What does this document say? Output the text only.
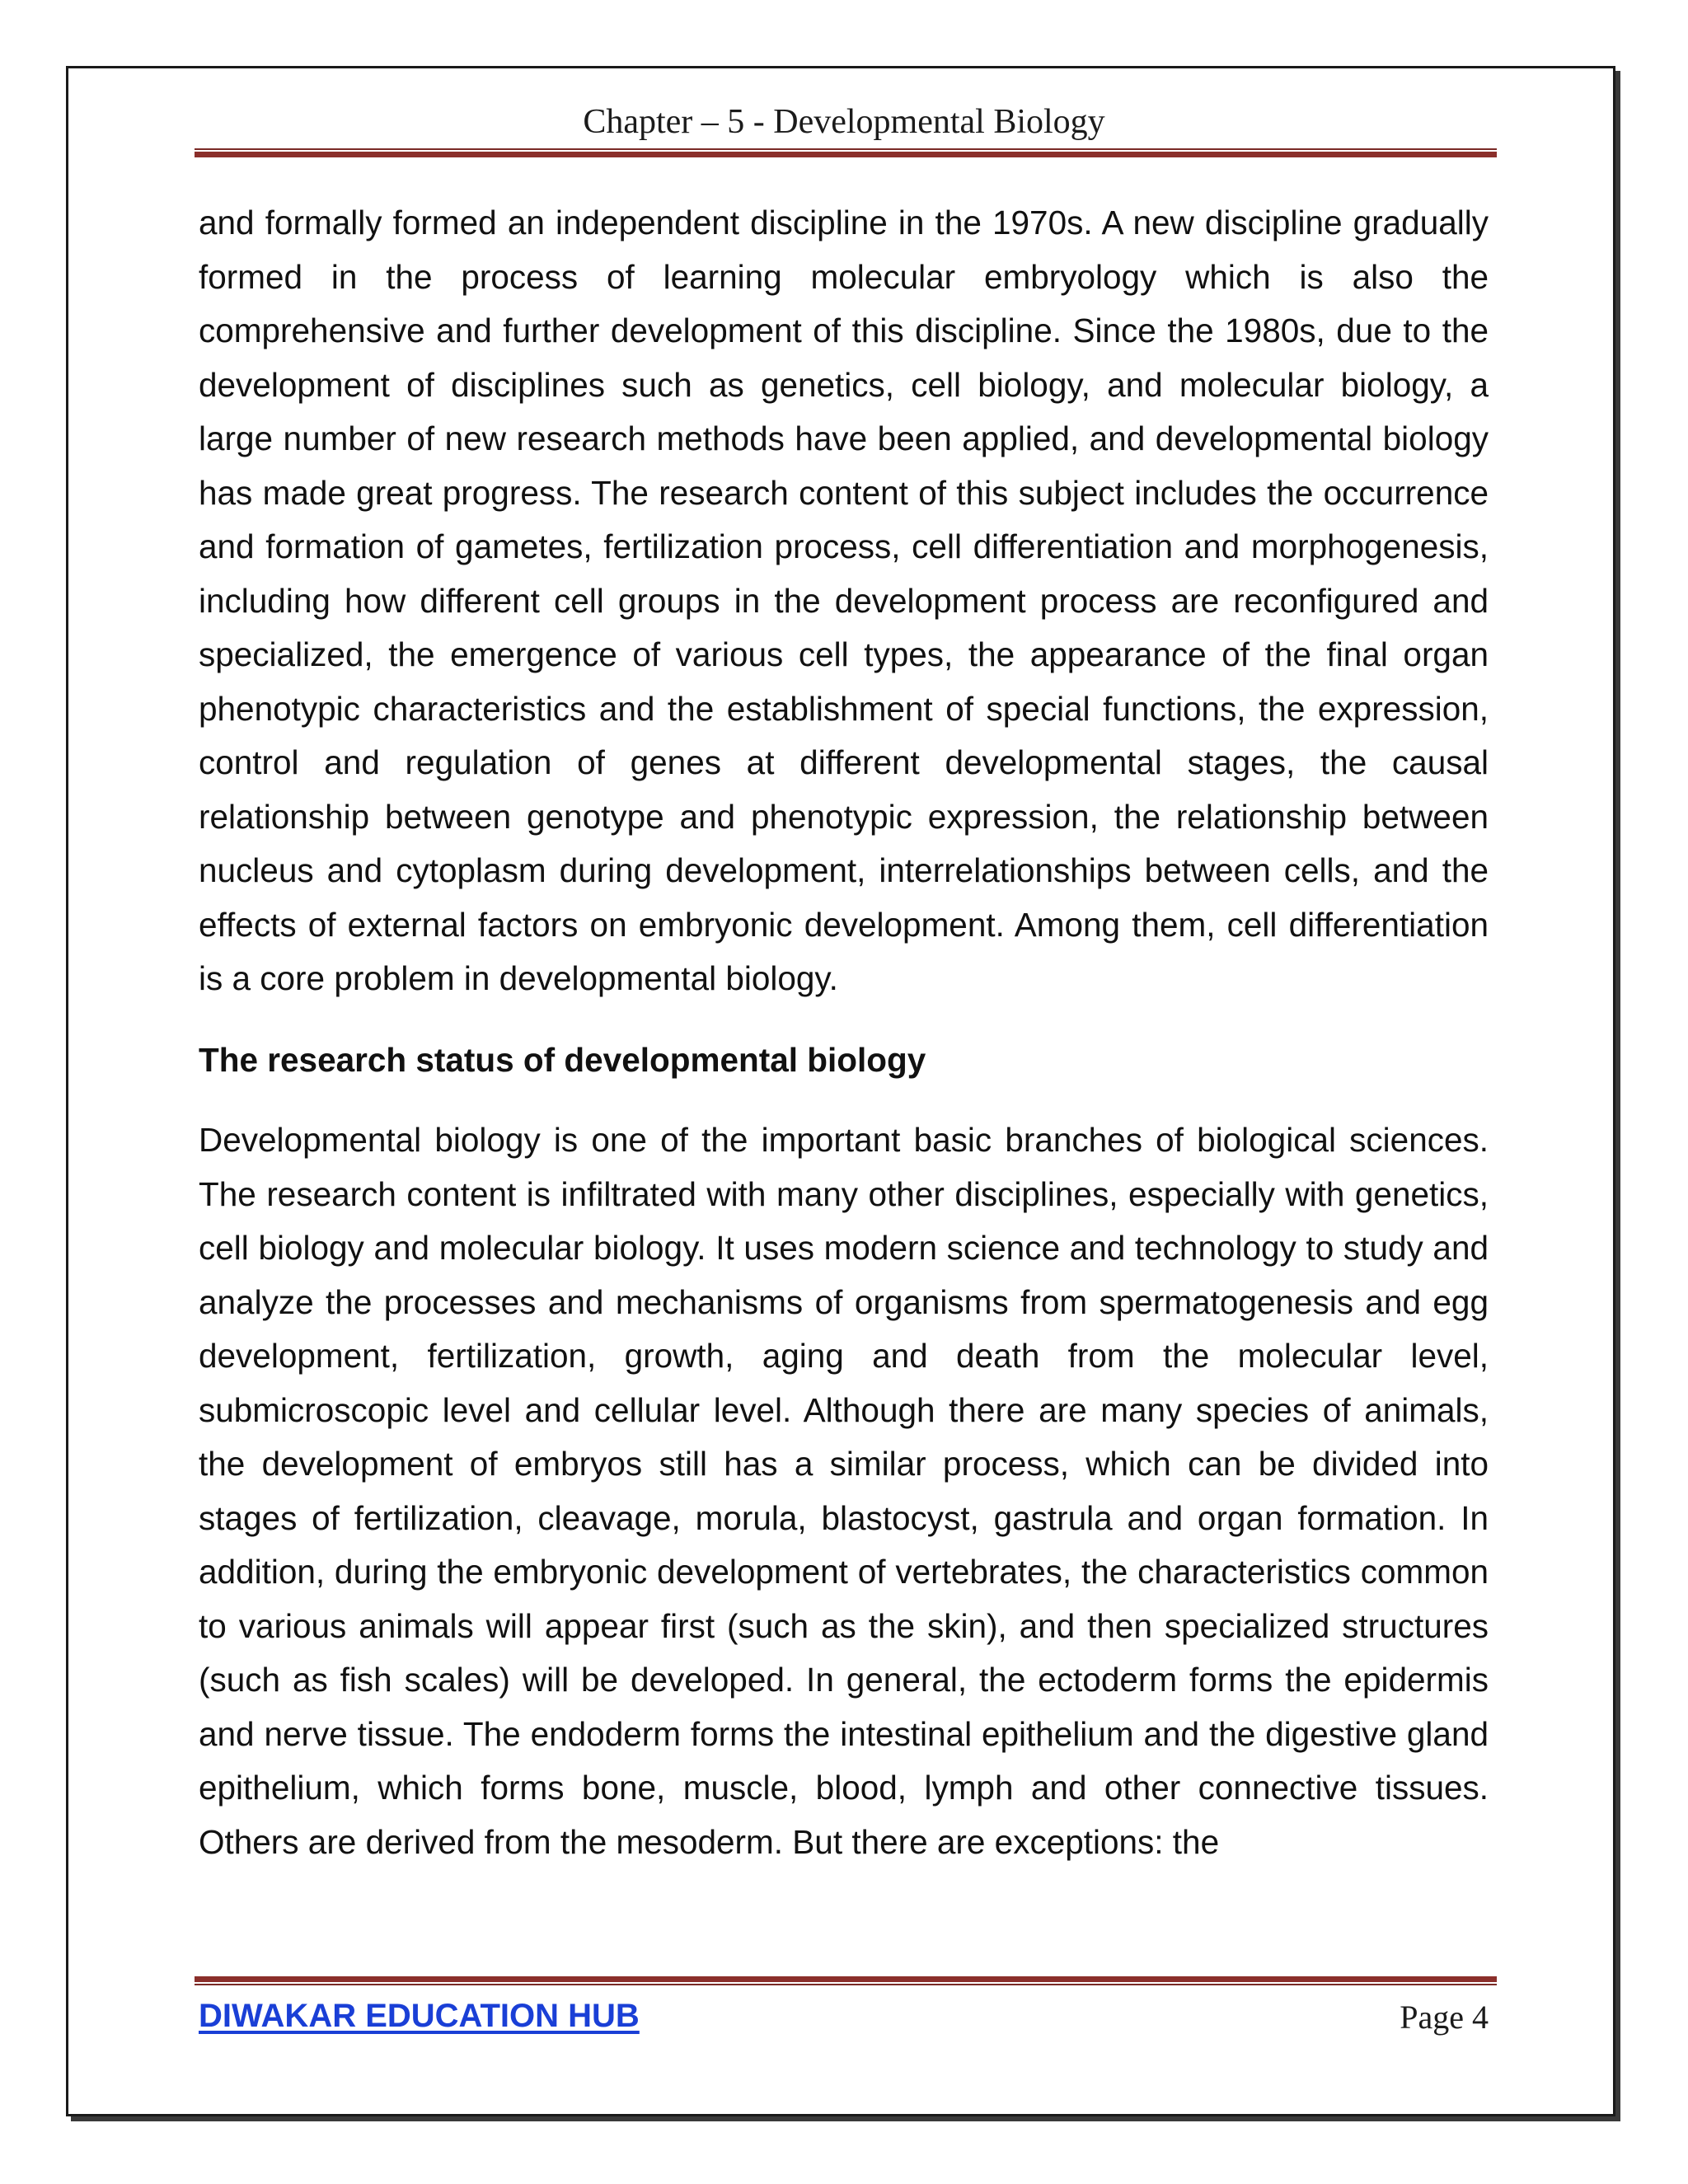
Chapter – 5 - Developmental Biology

and formally formed an independent discipline in the 1970s. A new discipline gradually formed in the process of learning molecular embryology which is also the comprehensive and further development of this discipline. Since the 1980s, due to the development of disciplines such as genetics, cell biology, and molecular biology, a large number of new research methods have been applied, and developmental biology has made great progress. The research content of this subject includes the occurrence and formation of gametes, fertilization process, cell differentiation and morphogenesis, including how different cell groups in the development process are reconfigured and specialized, the emergence of various cell types, the appearance of the final organ phenotypic characteristics and the establishment of special functions, the expression, control and regulation of genes at different developmental stages, the causal relationship between genotype and phenotypic expression, the relationship between nucleus and cytoplasm during development, interrelationships between cells, and the effects of external factors on embryonic development. Among them, cell differentiation is a core problem in developmental biology.

The research status of developmental biology

Developmental biology is one of the important basic branches of biological sciences. The research content is infiltrated with many other disciplines, especially with genetics, cell biology and molecular biology. It uses modern science and technology to study and analyze the processes and mechanisms of organisms from spermatogenesis and egg development, fertilization, growth, aging and death from the molecular level, submicroscopic level and cellular level. Although there are many species of animals, the development of embryos still has a similar process, which can be divided into stages of fertilization, cleavage, morula, blastocyst, gastrula and organ formation. In addition, during the embryonic development of vertebrates, the characteristics common to various animals will appear first (such as the skin), and then specialized structures (such as fish scales) will be developed. In general, the ectoderm forms the epidermis and nerve tissue. The endoderm forms the intestinal epithelium and the digestive gland epithelium, which forms bone, muscle, blood, lymph and other connective tissues. Others are derived from the mesoderm. But there are exceptions: the

DIWAKAR EDUCATION HUB	Page 4
